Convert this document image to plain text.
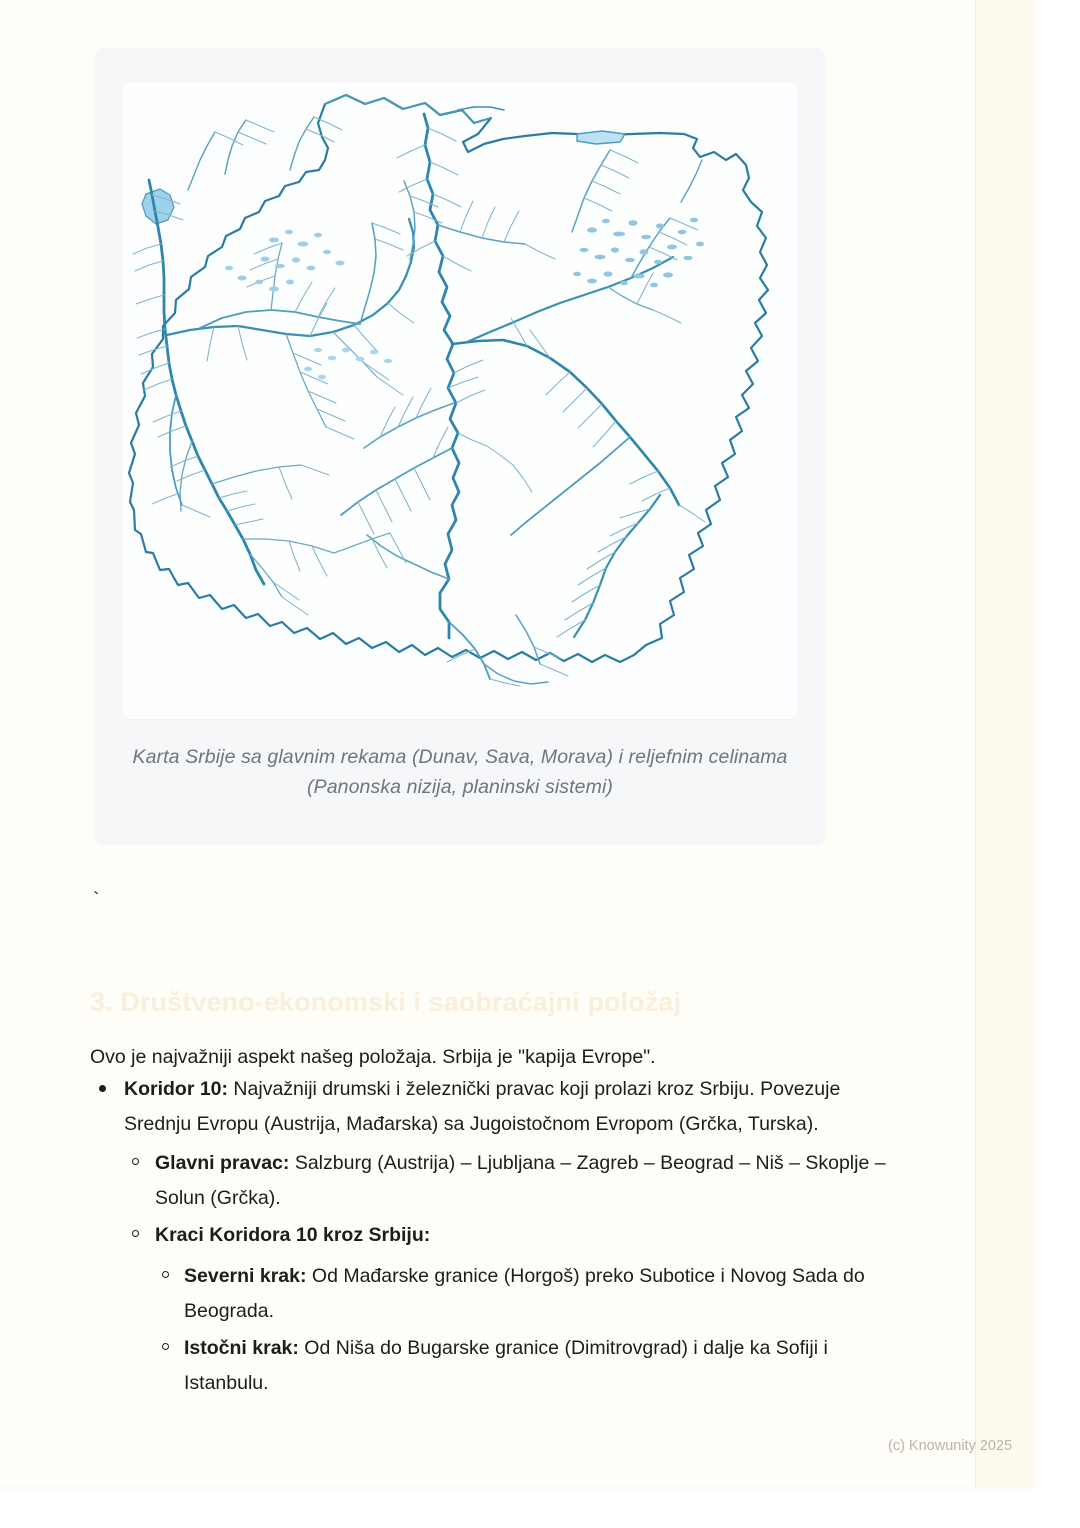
Karta Srbije sa glavnim rekama (Dunav, Sava, Morava) i reljefnim celinama
(Panonska nizija, planinski sistemi)
`
3. Društveno-ekonomski i saobraćajni položaj

Ovo je najvažniji aspekt našeg položaja. Srbija je "kapija Evrope".

Koridor 10: Najvažniji drumski i železnički pravac koji prolazi kroz Srbiju. Povezuje Srednju Evropu (Austrija, Mađarska) sa Jugoistočnom Evropom (Grčka, Turska).
Glavni pravac: Salzburg (Austrija) – Ljubljana – Zagreb – Beograd – Niš – Skoplje – Solun (Grčka).
Kraci Koridora 10 kroz Srbiju:
Severni krak: Od Mađarske granice (Horgoš) preko Subotice i Novog Sada do Beograda.
Istočni krak: Od Niša do Bugarske granice (Dimitrovgrad) i dalje ka Sofiji i Istanbulu.
(c) Knowunity 2025
